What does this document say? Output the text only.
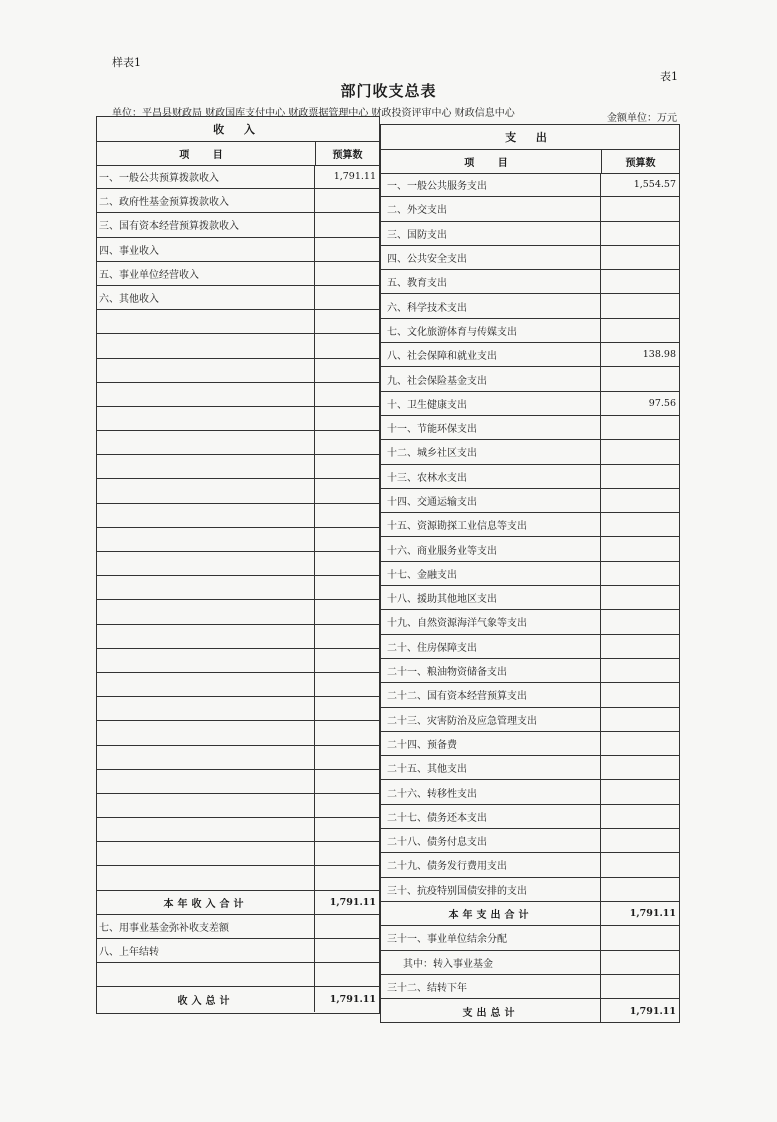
样表1
表1
部门收支总表
单位：平昌县财政局 财政国库支付中心 财政票据管理中心 财政投资评审中心 财政信息中心	金额单位：万元
收 入
项 目	预算数
一、一般公共预算拨款收入	1,791.11
二、政府性基金预算拨款收入
三、国有资本经营预算拨款收入
四、事业收入
五、事业单位经营收入
六、其他收入
本年收入合计	1,791.11
七、用事业基金弥补收支差额
八、上年结转
收入总计	1,791.11
支 出
项 目	预算数
一、一般公共服务支出	1,554.57
二、外交支出
三、国防支出
四、公共安全支出
五、教育支出
六、科学技术支出
七、文化旅游体育与传媒支出
八、社会保障和就业支出	138.98
九、社会保险基金支出
十、卫生健康支出	97.56
十一、节能环保支出
十二、城乡社区支出
十三、农林水支出
十四、交通运输支出
十五、资源勘探工业信息等支出
十六、商业服务业等支出
十七、金融支出
十八、援助其他地区支出
十九、自然资源海洋气象等支出
二十、住房保障支出
二十一、粮油物资储备支出
二十二、国有资本经营预算支出
二十三、灾害防治及应急管理支出
二十四、预备费
二十五、其他支出
二十六、转移性支出
二十七、债务还本支出
二十八、债务付息支出
二十九、债务发行费用支出
三十、抗疫特别国债安排的支出
本年支出合计	1,791.11
三十一、事业单位结余分配
其中：转入事业基金
三十二、结转下年
支出总计	1,791.11
